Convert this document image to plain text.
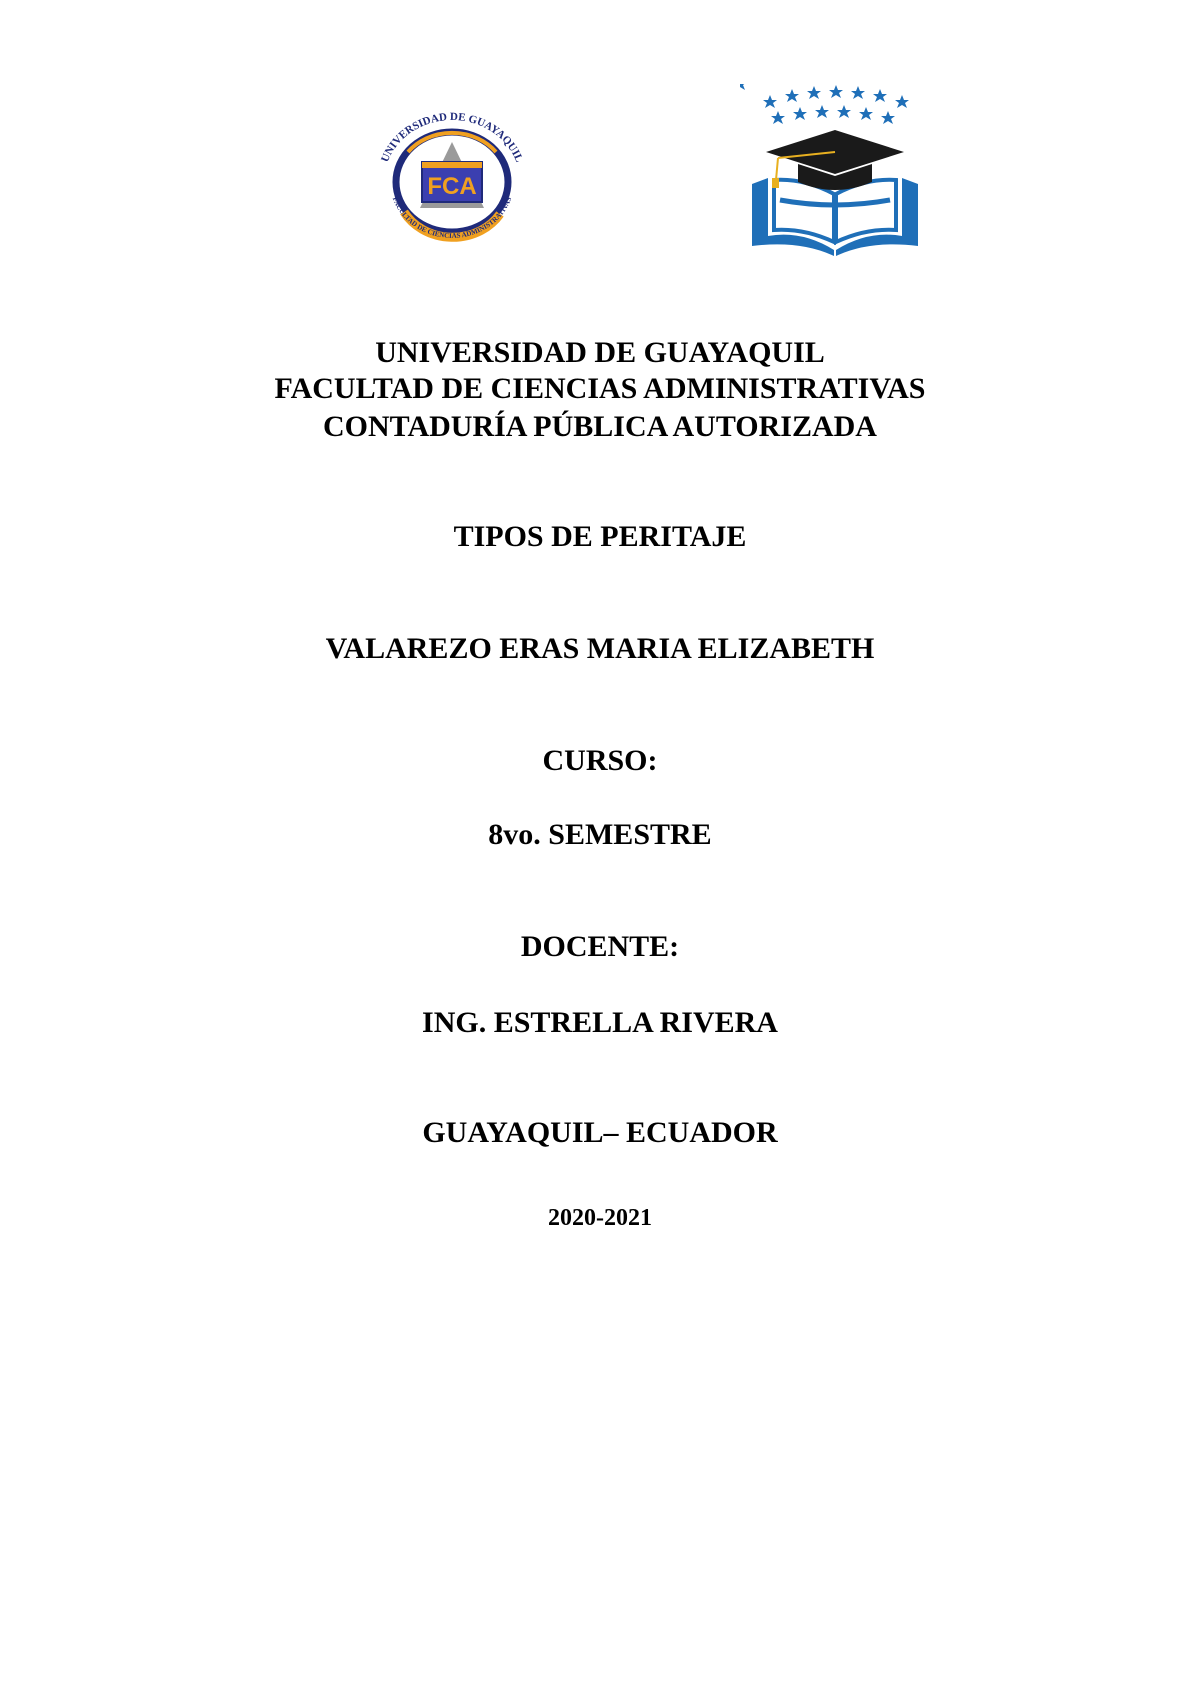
FCA
UNIVERSIDAD DE GUAYAQUIL
FACULTAD DE CIENCIAS ADMINISTRATIVAS
UNIVERSIDAD DE GUAYAQUIL
FACULTAD DE CIENCIAS ADMINISTRATIVAS
CONTADURÍA PÚBLICA AUTORIZADA
TIPOS DE PERITAJE
VALAREZO ERAS MARIA ELIZABETH
CURSO:
8vo. SEMESTRE
DOCENTE:
ING. ESTRELLA RIVERA
GUAYAQUIL– ECUADOR
2020-2021
